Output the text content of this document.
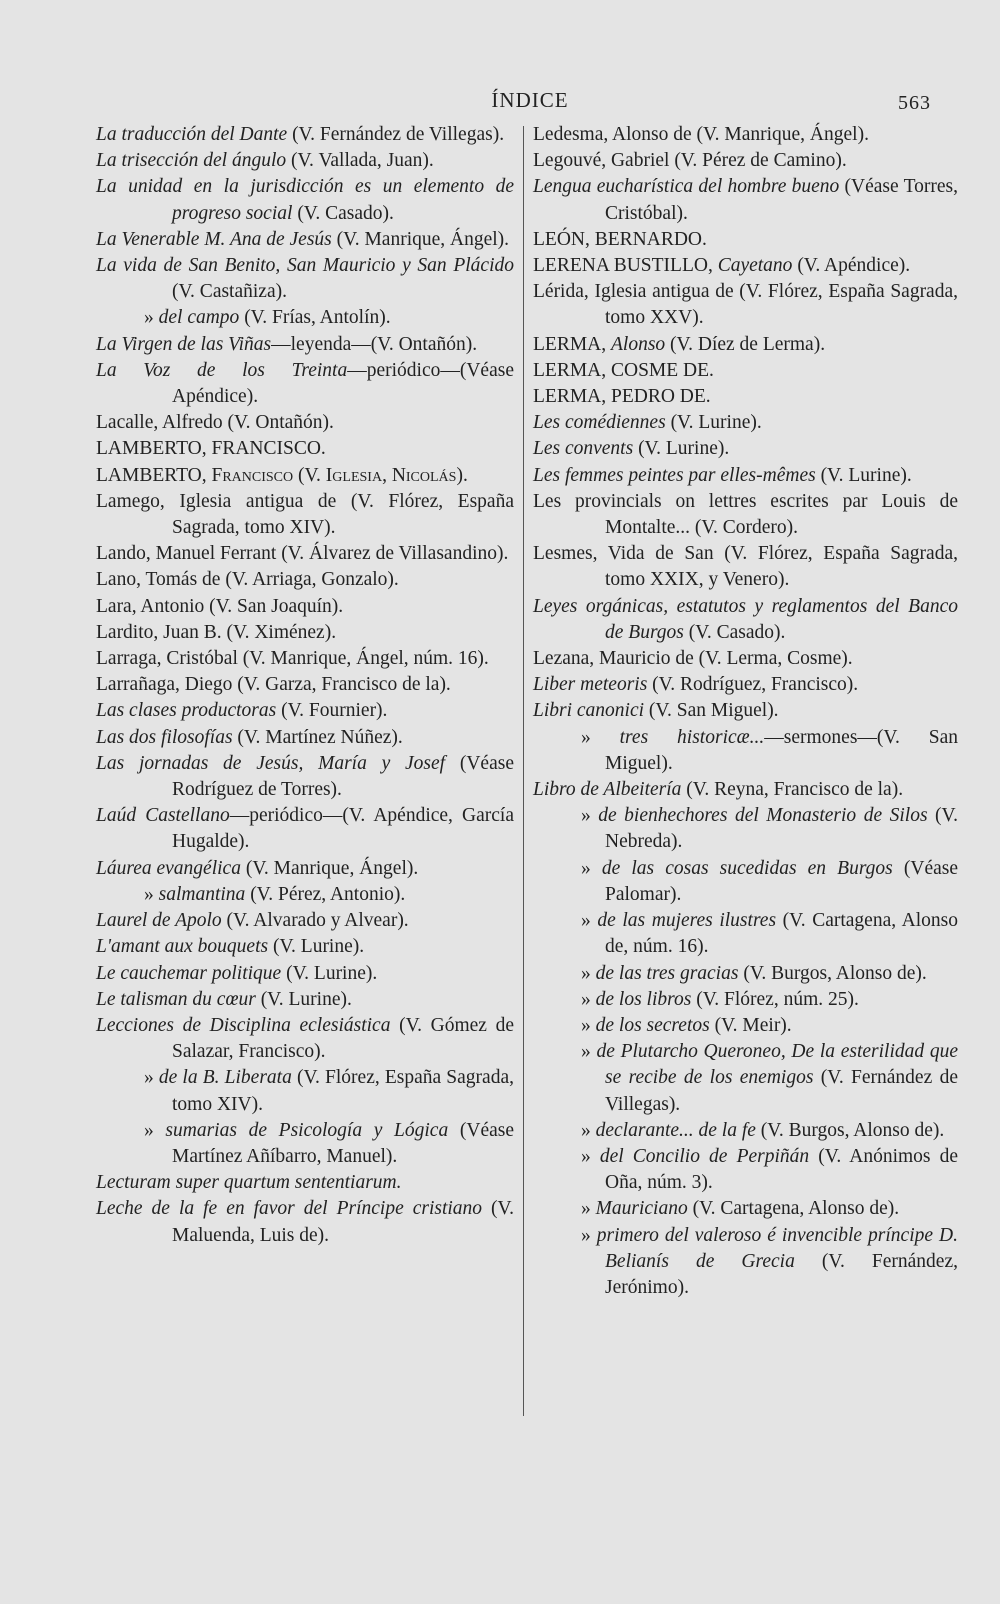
ÍNDICE	563
La traducción del Dante (V. Fernández de Villegas).
La trisección del ángulo (V. Vallada, Juan).
La unidad en la jurisdicción es un elemento de progreso social (V. Casado).
La Venerable M. Ana de Jesús (V. Manrique, Ángel).
La vida de San Benito, San Mauricio y San Plácido (V. Castañiza).
» del campo (V. Frías, Antolín).
La Virgen de las Viñas—leyenda—(V. Ontañón).
La Voz de los Treinta—periódico—(Véase Apéndice).
Lacalle, Alfredo (V. Ontañón).
LAMBERTO, FRANCISCO.
LAMBERTO, Francisco (V. Iglesia, Nicolás).
Lamego, Iglesia antigua de (V. Flórez, España Sagrada, tomo XIV).
Lando, Manuel Ferrant (V. Álvarez de Villasandino).
Lano, Tomás de (V. Arriaga, Gonzalo).
Lara, Antonio (V. San Joaquín).
Lardito, Juan B. (V. Ximénez).
Larraga, Cristóbal (V. Manrique, Ángel, núm. 16).
Larrañaga, Diego (V. Garza, Francisco de la).
Las clases productoras (V. Fournier).
Las dos filosofías (V. Martínez Núñez).
Las jornadas de Jesús, María y Josef (Véase Rodríguez de Torres).
Laúd Castellano—periódico—(V. Apéndice, García Hugalde).
Láurea evangélica (V. Manrique, Ángel).
» salmantina (V. Pérez, Antonio).
Laurel de Apolo (V. Alvarado y Alvear).
L'amant aux bouquets (V. Lurine).
Le cauchemar politique (V. Lurine).
Le talisman du cœur (V. Lurine).
Lecciones de Disciplina eclesiástica (V. Gómez de Salazar, Francisco).
» de la B. Liberata (V. Flórez, España Sagrada, tomo XIV).
» sumarias de Psicología y Lógica (Véase Martínez Añíbarro, Manuel).
Lecturam super quartum sententiarum.
Leche de la fe en favor del Príncipe cristiano (V. Maluenda, Luis de).
Ledesma, Alonso de (V. Manrique, Ángel).
Legouvé, Gabriel (V. Pérez de Camino).
Lengua eucharística del hombre bueno (Véase Torres, Cristóbal).
LEÓN, BERNARDO.
LERENA BUSTILLO, Cayetano (V. Apéndice).
Lérida, Iglesia antigua de (V. Flórez, España Sagrada, tomo XXV).
LERMA, Alonso (V. Díez de Lerma).
LERMA, COSME DE.
LERMA, PEDRO DE.
Les comédiennes (V. Lurine).
Les convents (V. Lurine).
Les femmes peintes par elles-mêmes (V. Lurine).
Les provincials on lettres escrites par Louis de Montalte... (V. Cordero).
Lesmes, Vida de San (V. Flórez, España Sagrada, tomo XXIX, y Venero).
Leyes orgánicas, estatutos y reglamentos del Banco de Burgos (V. Casado).
Lezana, Mauricio de (V. Lerma, Cosme).
Liber meteoris (V. Rodríguez, Francisco).
Libri canonici (V. San Miguel).
» tres historicæ...—sermones—(V. San Miguel).
Libro de Albeitería (V. Reyna, Francisco de la).
» de bienhechores del Monasterio de Silos (V. Nebreda).
» de las cosas sucedidas en Burgos (Véase Palomar).
» de las mujeres ilustres (V. Cartagena, Alonso de, núm. 16).
» de las tres gracias (V. Burgos, Alonso de).
» de los libros (V. Flórez, núm. 25).
» de los secretos (V. Meir).
» de Plutarcho Queroneo, De la esterilidad que se recibe de los enemigos (V. Fernández de Villegas).
» declarante... de la fe (V. Burgos, Alonso de).
» del Concilio de Perpiñán (V. Anónimos de Oña, núm. 3).
» Mauriciano (V. Cartagena, Alonso de).
» primero del valeroso é invencible príncipe D. Belianís de Grecia (V. Fernández, Jerónimo).
